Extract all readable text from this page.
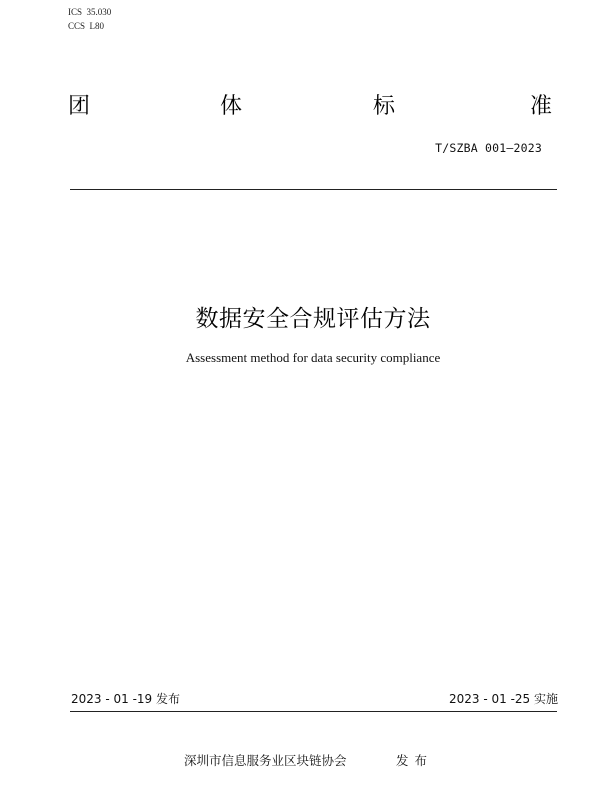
ICS  35.030
CCS  L80
团	体	标	准
T/SZBA 001—2023
数据安全合规评估方法
Assessment method for data security compliance
2023 - 01 -19 发布	2023 - 01 -25 实施
深圳市信息服务业区块链协会	发布
